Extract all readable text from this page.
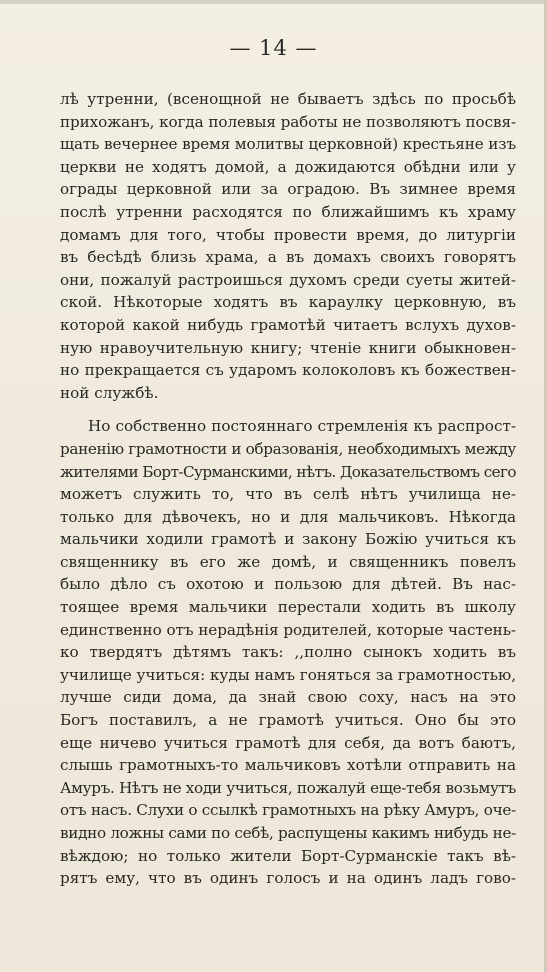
— 14 —
лѣ утренни, (всенощной не бываетъ здѣсь по просьбѣ
прихожанъ, когда полевыя работы не позволяютъ посвя-
щать вечернее время молитвы церковной) крестьяне изъ
церкви не ходятъ домой, а дожидаются обѣдни или у
ограды церковной или за оградою. Въ зимнее время
послѣ утренни расходятся по ближайшимъ къ храму
домамъ для того, чтобы провести время, до литургіи
въ бесѣдѣ близь храма, а въ домахъ своихъ говорятъ
они, пожалуй растроишься духомъ среди суеты житей-
ской. Нѣкоторые ходятъ въ караулку церковную, въ
которой какой нибудь грамотѣй читаетъ вслухъ духов-
ную нравоучительную книгу; чтеніе книги обыкновен-
но прекращается съ ударомъ колоколовъ къ божествен-
ной службѣ.
Но собственно постояннаго стремленія къ распрост-
раненію грамотности и образованія, необходимыхъ между
жителями Борт-Сурманскими, нѣтъ. Доказательствомъ сего
можетъ служить то, что въ селѣ нѣтъ училища не-
только для дѣвочекъ, но и для мальчиковъ. Нѣкогда
мальчики ходили грамотѣ и закону Божію учиться къ
священнику въ его же домѣ, и священникъ повелъ
было дѣло съ охотою и пользою для дѣтей. Въ нас-
тоящее время мальчики перестали ходить въ школу
единственно отъ нерадѣнія родителей, которые частень-
ко твердятъ дѣтямъ такъ: ,,полно сынокъ ходить въ
училище учиться: куды намъ гоняться за грамотностью,
лучше сиди дома, да знай свою соху, насъ на это
Богъ поставилъ, а не грамотѣ учиться. Оно бы это
еще ничево учиться грамотѣ для себя, да вотъ баютъ,
слышь грамотныхъ-то мальчиковъ хотѣли отправить на
Амуръ. Нѣтъ не ходи учиться, пожалуй еще-тебя возьмутъ
отъ насъ. Слухи о ссылкѣ грамотныхъ на рѣку Амуръ, оче-
видно ложны сами по себѣ, распущены какимъ нибудь не-
вѣждою; но только жители Борт-Сурманскіе такъ вѣ-
рятъ ему, что въ одинъ голосъ и на одинъ ладъ гово-
